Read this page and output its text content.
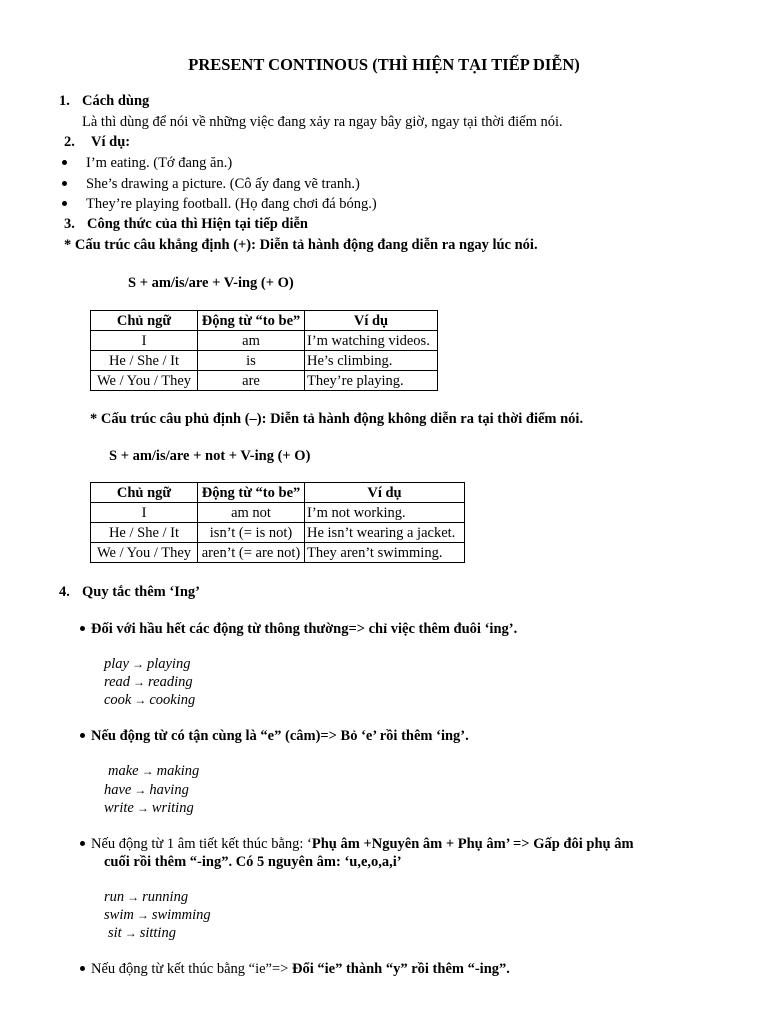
PRESENT CONTINOUS (THÌ HIỆN TẠI TIẾP DIỄN)
1. Cách dùng
Là thì dùng để nói về những việc đang xảy ra ngay bây giờ, ngay tại thời điểm nói.
2. Ví dụ:
I’m eating. (Tớ đang ăn.)
She’s drawing a picture. (Cô ấy đang vẽ tranh.)
They’re playing football. (Họ đang chơi đá bóng.)
3. Công thức của thì Hiện tại tiếp diễn
* Cấu trúc câu khẳng định (+): Diễn tả hành động đang diễn ra ngay lúc nói.
S + am/is/are + V-ing (+ O)
Chủ ngữ	Động từ “to be”	Ví dụ
I	am	I’m watching videos.
He / She / It	is	He’s climbing.
We / You / They	are	They’re playing.
* Cấu trúc câu phủ định (–): Diễn tả hành động không diễn ra tại thời điểm nói.
S + am/is/are + not + V-ing (+ O)
Chủ ngữ	Động từ “to be”	Ví dụ
I	am not	I’m not working.
He / She / It	isn’t (= is not)	He isn’t wearing a jacket.
We / You / They	aren’t (= are not)	They aren’t swimming.
4. Quy tắc thêm ‘Ing’
Đối với hầu hết các động từ thông thường=> chỉ việc thêm đuôi ‘ing’.
play → playing
read → reading
cook → cooking
Nếu động từ có tận cùng là “e” (câm)=> Bỏ ‘e’ rồi thêm ‘ing’.
make → making
have → having
write → writing
Nếu động từ 1 âm tiết kết thúc bằng: ‘Phụ âm +Nguyên âm + Phụ âm’ => Gấp đôi phụ âm
cuối rồi thêm “-ing”. Có 5 nguyên âm: ‘u,e,o,a,i’
run → running
swim → swimming
sit → sitting
Nếu động từ kết thúc bằng “ie”=> Đổi “ie” thành “y” rồi thêm “-ing”.
